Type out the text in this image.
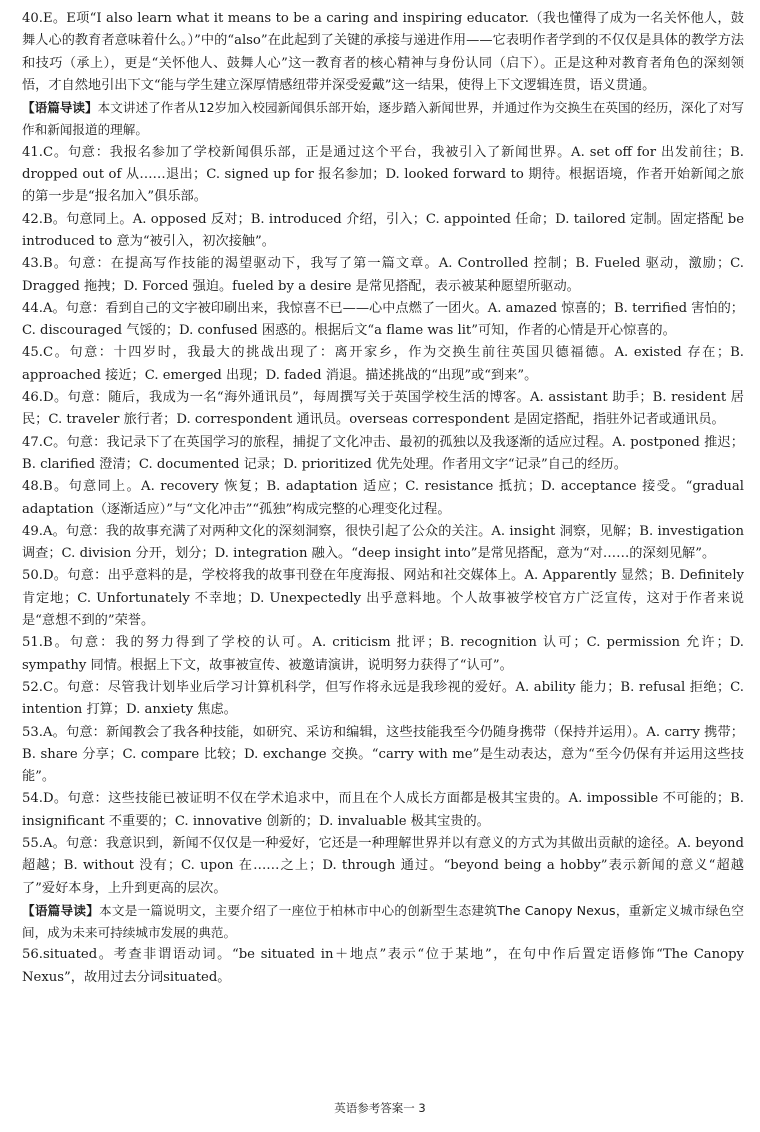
40.E。E项“I also learn what it means to be a caring and inspiring educator.（我也懂得了成为一名关怀他人，鼓舞人心的教育者意味着什么。）”中的“also”在此起到了关键的承接与递进作用——它表明作者学到的不仅仅是具体的教学方法和技巧（承上），更是“关怀他人、鼓舞人心”这一教育者的核心精神与身份认同（启下）。正是这种对教育者角色的深刻领悟，才自然地引出下文“能与学生建立深厚情感纽带并深受爱戴”这一结果，使得上下文逻辑连贯，语义贯通。

【语篇导读】本文讲述了作者从12岁加入校园新闻俱乐部开始，逐步踏入新闻世界，并通过作为交换生在英国的经历，深化了对写作和新闻报道的理解。

41.C。句意：我报名参加了学校新闻俱乐部，正是通过这个平台，我被引入了新闻世界。A. set off for 出发前往；B. dropped out of 从……退出；C. signed up for 报名参加；D. looked forward to 期待。根据语境，作者开始新闻之旅的第一步是“报名加入”俱乐部。

42.B。句意同上。A. opposed 反对；B. introduced 介绍，引入；C. appointed 任命；D. tailored 定制。固定搭配 be introduced to 意为“被引入，初次接触”。

43.B。句意：在提高写作技能的渴望驱动下，我写了第一篇文章。A. Controlled 控制；B. Fueled 驱动，激励；C. Dragged 拖拽；D. Forced 强迫。fueled by a desire 是常见搭配，表示被某种愿望所驱动。

44.A。句意：看到自己的文字被印刷出来，我惊喜不已——心中点燃了一团火。A. amazed 惊喜的；B. terrified 害怕的；C. discouraged 气馁的；D. confused 困惑的。根据后文“a flame was lit”可知，作者的心情是开心惊喜的。

45.C。句意：十四岁时，我最大的挑战出现了：离开家乡，作为交换生前往英国贝德福德。A. existed 存在；B. approached 接近；C. emerged 出现；D. faded 消退。描述挑战的“出现”或“到来”。

46.D。句意：随后，我成为一名“海外通讯员”，每周撰写关于英国学校生活的博客。A. assistant 助手；B. resident 居民；C. traveler 旅行者；D. correspondent 通讯员。overseas correspondent 是固定搭配，指驻外记者或通讯员。

47.C。句意：我记录下了在英国学习的旅程，捕捉了文化冲击、最初的孤独以及我逐渐的适应过程。A. postponed 推迟；B. clarified 澄清；C. documented 记录；D. prioritized 优先处理。作者用文字“记录”自己的经历。

48.B。句意同上。A. recovery 恢复；B. adaptation 适应；C. resistance 抵抗；D. acceptance 接受。“gradual adaptation（逐渐适应）”与“文化冲击”“孤独”构成完整的心理变化过程。

49.A。句意：我的故事充满了对两种文化的深刻洞察，很快引起了公众的关注。A. insight 洞察，见解；B. investigation 调查；C. division 分开，划分；D. integration 融入。“deep insight into”是常见搭配，意为“对……的深刻见解”。

50.D。句意：出乎意料的是，学校将我的故事刊登在年度海报、网站和社交媒体上。A. Apparently 显然；B. Definitely 肯定地；C. Unfortunately 不幸地；D. Unexpectedly 出乎意料地。个人故事被学校官方广泛宣传，这对于作者来说是“意想不到的”荣誉。

51.B。句意：我的努力得到了学校的认可。A. criticism 批评；B. recognition 认可；C. permission 允许；D. sympathy 同情。根据上下文，故事被宣传、被邀请演讲，说明努力获得了“认可”。

52.C。句意：尽管我计划毕业后学习计算机科学，但写作将永远是我珍视的爱好。A. ability 能力；B. refusal 拒绝；C. intention 打算；D. anxiety 焦虑。

53.A。句意：新闻教会了我各种技能，如研究、采访和编辑，这些技能我至今仍随身携带（保持并运用）。A. carry 携带；B. share 分享；C. compare 比较；D. exchange 交换。“carry with me”是生动表达，意为“至今仍保有并运用这些技能”。

54.D。句意：这些技能已被证明不仅在学术追求中，而且在个人成长方面都是极其宝贵的。A. impossible 不可能的；B. insignificant 不重要的；C. innovative 创新的；D. invaluable 极其宝贵的。

55.A。句意：我意识到，新闻不仅仅是一种爱好，它还是一种理解世界并以有意义的方式为其做出贡献的途径。A. beyond 超越；B. without 没有；C. upon 在……之上；D. through 通过。“beyond being a hobby”表示新闻的意义“超越了”爱好本身，上升到更高的层次。

【语篇导读】本文是一篇说明文，主要介绍了一座位于柏林市中心的创新型生态建筑The Canopy Nexus，重新定义城市绿色空间，成为未来可持续城市发展的典范。

56.situated。考查非谓语动词。“be situated in＋地点”表示“位于某地”，在句中作后置定语修饰“The Canopy Nexus”，故用过去分词situated。

英语参考答案一 3
